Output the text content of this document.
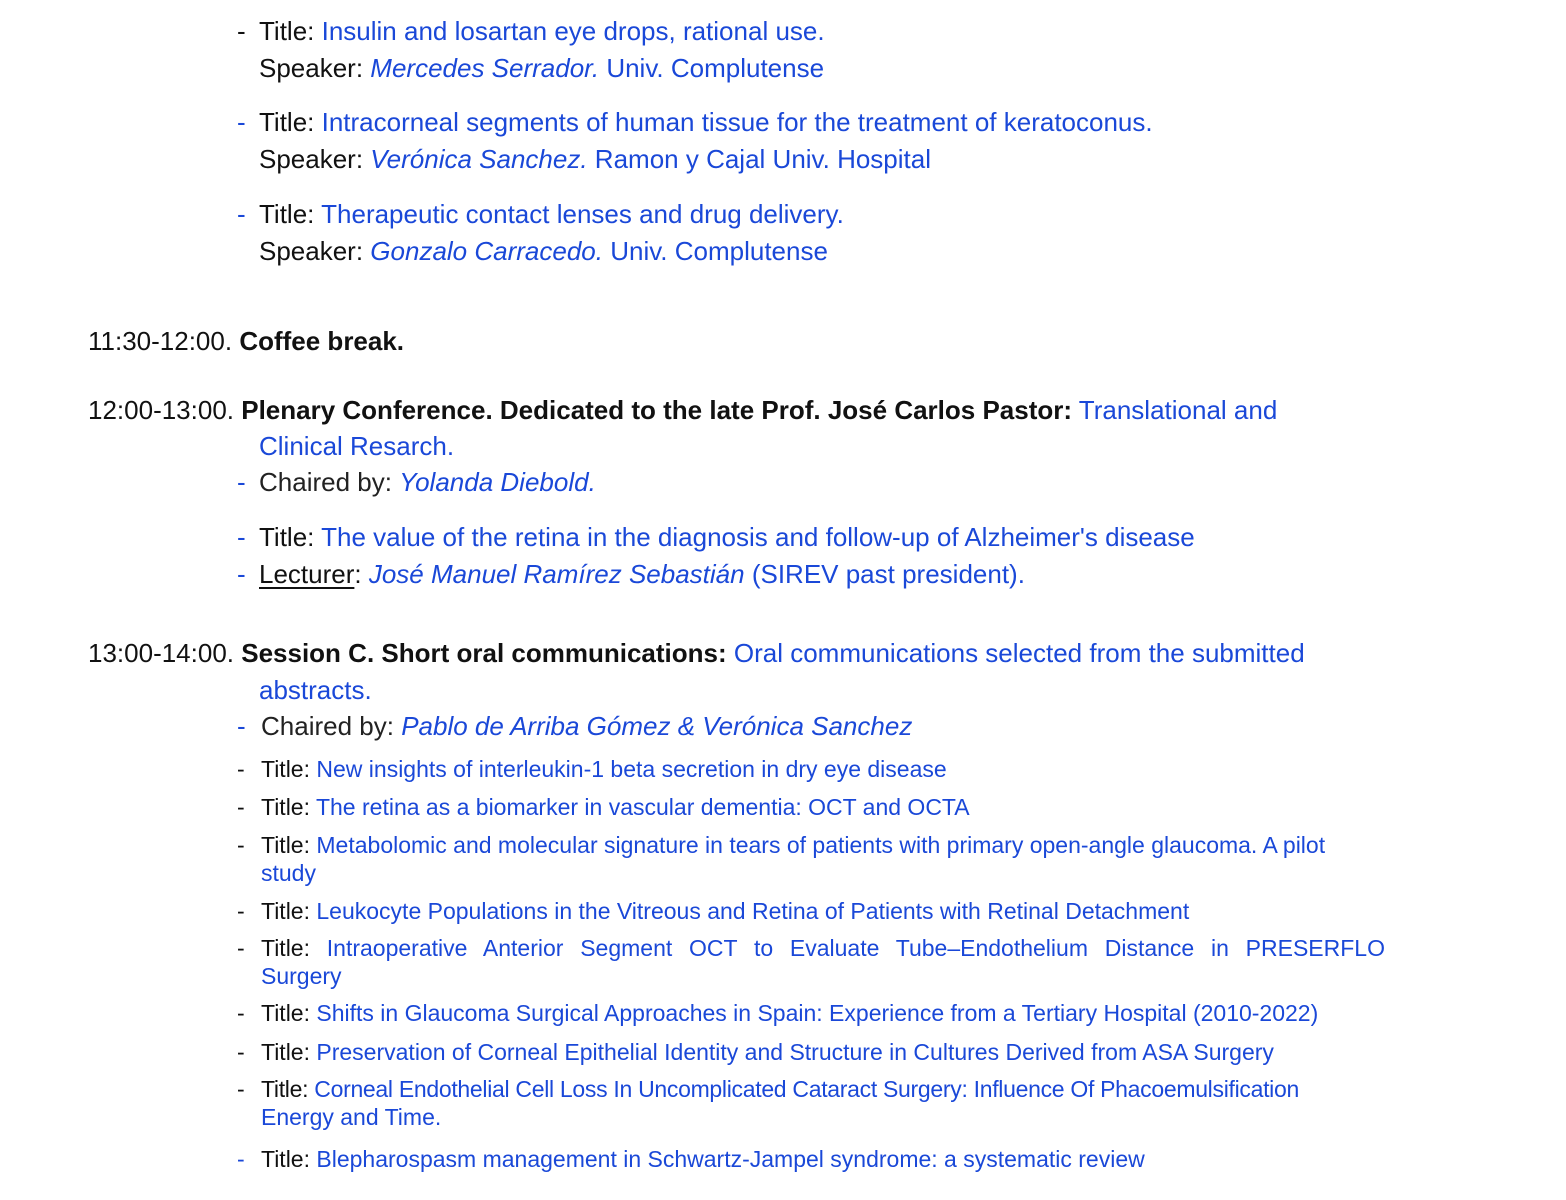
- Title: Insulin and losartan eye drops, rational use.
Speaker: Mercedes Serrador. Univ. Complutense
- Title: Intracorneal segments of human tissue for the treatment of keratoconus.
Speaker: Verónica Sanchez. Ramon y Cajal Univ. Hospital
- Title: Therapeutic contact lenses and drug delivery.
Speaker: Gonzalo Carracedo. Univ. Complutense
11:30-12:00. Coffee break.
12:00-13:00. Plenary Conference. Dedicated to the late Prof. José Carlos Pastor: Translational and
Clinical Resarch.
- Chaired by: Yolanda Diebold.
- Title: The value of the retina in the diagnosis and follow-up of Alzheimer's disease
- Lecturer: José Manuel Ramírez Sebastián (SIREV past president).
13:00-14:00. Session C. Short oral communications: Oral communications selected from the submitted
abstracts.
- Chaired by: Pablo de Arriba Gómez & Verónica Sanchez
- Title: New insights of interleukin-1 beta secretion in dry eye disease
- Title: The retina as a biomarker in vascular dementia: OCT and OCTA
- Title: Metabolomic and molecular signature in tears of patients with primary open-angle glaucoma. A pilot
study
- Title: Leukocyte Populations in the Vitreous and Retina of Patients with Retinal Detachment
- Title: Intraoperative Anterior Segment OCT to Evaluate Tube–Endothelium Distance in PRESERFLO
Surgery
- Title: Shifts in Glaucoma Surgical Approaches in Spain: Experience from a Tertiary Hospital (2010-2022)
- Title: Preservation of Corneal Epithelial Identity and Structure in Cultures Derived from ASA Surgery
- Title: Corneal Endothelial Cell Loss In Uncomplicated Cataract Surgery: Influence Of Phacoemulsification
Energy and Time.
- Title: Blepharospasm management in Schwartz-Jampel syndrome: a systematic review
